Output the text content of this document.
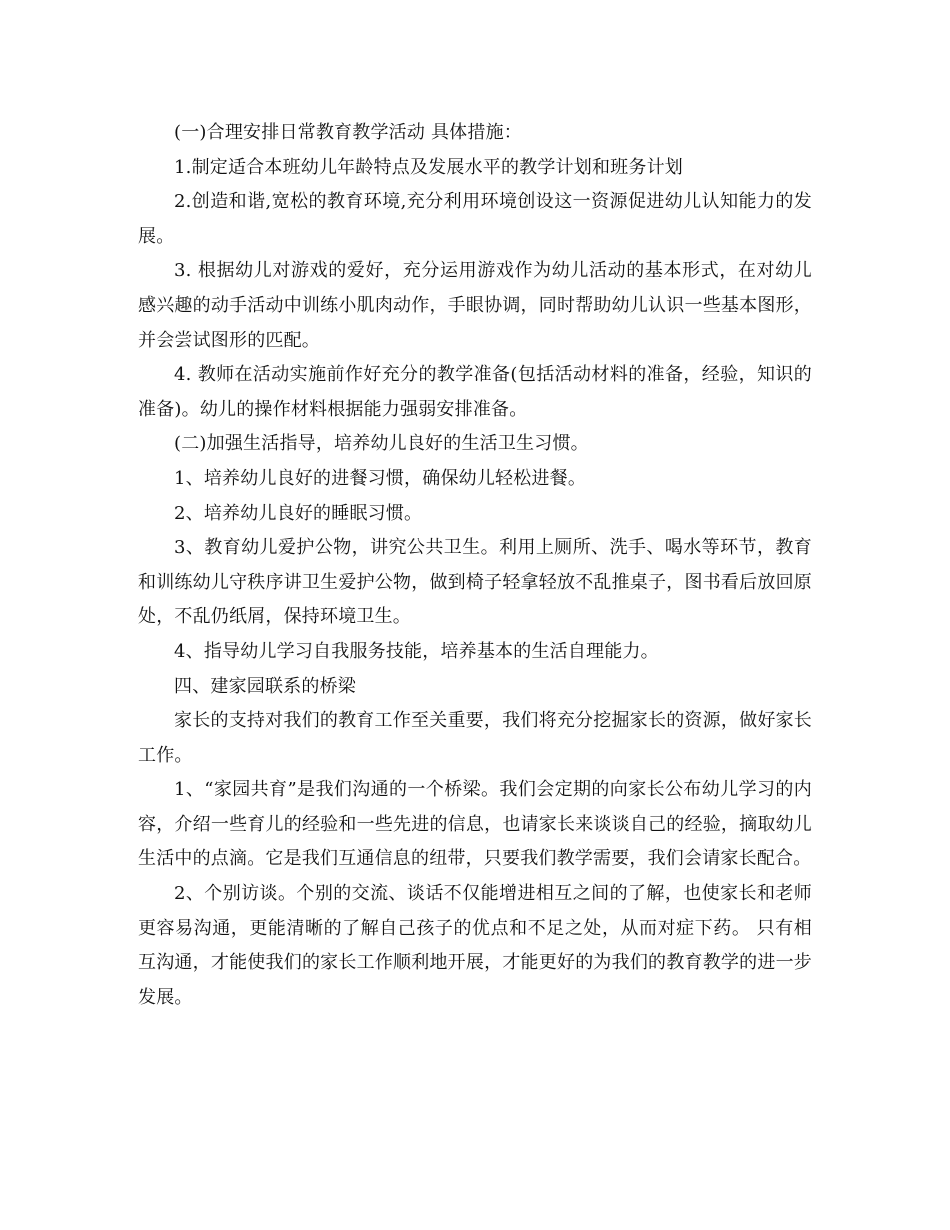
(一)合理安排日常教育教学活动 具体措施：

1.制定适合本班幼儿年龄特点及发展水平的教学计划和班务计划

2.创造和谐,宽松的教育环境,充分利用环境创设这一资源促进幼儿认知能力的发展。

3. 根据幼儿对游戏的爱好，充分运用游戏作为幼儿活动的基本形式，在对幼儿感兴趣的动手活动中训练小肌肉动作，手眼协调，同时帮助幼儿认识一些基本图形，并会尝试图形的匹配。

4. 教师在活动实施前作好充分的教学准备(包括活动材料的准备，经验，知识的准备)。幼儿的操作材料根据能力强弱安排准备。

(二)加强生活指导，培养幼儿良好的生活卫生习惯。

1、培养幼儿良好的进餐习惯，确保幼儿轻松进餐。

2、培养幼儿良好的睡眠习惯。

3、教育幼儿爱护公物，讲究公共卫生。利用上厕所、洗手、喝水等环节，教育和训练幼儿守秩序讲卫生爱护公物，做到椅子轻拿轻放不乱推桌子，图书看后放回原处，不乱仍纸屑，保持环境卫生。

4、指导幼儿学习自我服务技能，培养基本的生活自理能力。

四、建家园联系的桥梁

家长的支持对我们的教育工作至关重要，我们将充分挖掘家长的资源，做好家长工作。

1、“家园共育”是我们沟通的一个桥梁。我们会定期的向家长公布幼儿学习的内容，介绍一些育儿的经验和一些先进的信息，也请家长来谈谈自己的经验，摘取幼儿生活中的点滴。它是我们互通信息的纽带，只要我们教学需要，我们会请家长配合。

2、个别访谈。个别的交流、谈话不仅能增进相互之间的了解，也使家长和老师更容易沟通，更能清晰的了解自己孩子的优点和不足之处，从而对症下药。 只有相互沟通，才能使我们的家长工作顺利地开展，才能更好的为我们的教育教学的进一步发展。
